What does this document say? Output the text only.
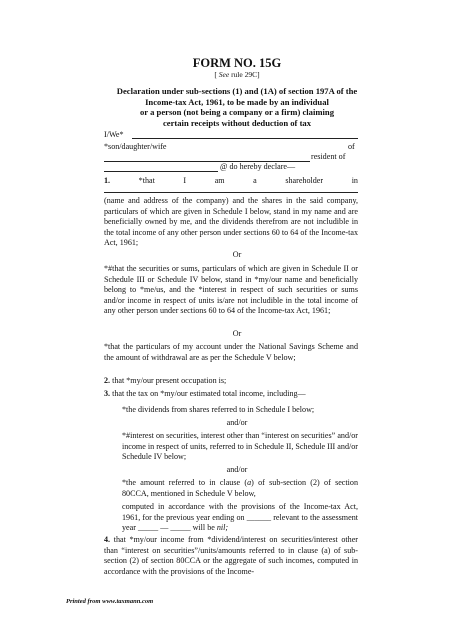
FORM NO. 15G
[ See rule 29C]
Declaration under sub-sections (1) and (1A) of section 197A of the
Income-tax Act, 1961, to be made by an individual
or a person (not being a company or a firm) claiming
certain receipts without deduction of tax
I/We*
*son/daughter/wife	of
resident of
@ do hereby declare—
1.	*that	I	am	a	shareholder	in
(name and address of the company) and the shares in the said company, particulars of which are given in Schedule I below, stand in my name and are beneficially owned by me, and the dividends therefrom are not includible in the total income of any other person under sections 60 to 64 of the Income-tax Act, 1961;
Or
*#that the securities or sums, particulars of which are given in Schedule II or Schedule III or Schedule IV below, stand in *my/our name and beneficially belong to *me/us, and the *interest in respect of such securities or sums and/or income in respect of units is/are not includible in the total income of any other person under sections 60 to 64 of the Income-tax Act, 1961;
Or
*that the particulars of my account under the National Savings Scheme and the amount of withdrawal are as per the Schedule V below;
2. that *my/our present occupation is;
3. that the tax on *my/our estimated total income, including—
*the dividends from shares referred to in Schedule I below;
and/or
*#interest on securities, interest other than “interest on securities” and/or income in respect of units, referred to in Schedule II, Schedule III and/or Schedule IV below;
and/or
*the amount referred to in clause (a) of sub-section (2) of section 80CCA, mentioned in Schedule V below,
computed in accordance with the provisions of the Income-tax Act, 1961, for the previous year ending on ______ relevant to the assessment year _____ — _____ will be nil;
4. that *my/our income from *dividend/interest on securities/interest other than “interest on securities”/units/amounts referred to in clause (a) of sub-section (2) of section 80CCA or the aggregate of such incomes, computed in accordance with the provisions of the Income-
Printed from www.taxmann.com
